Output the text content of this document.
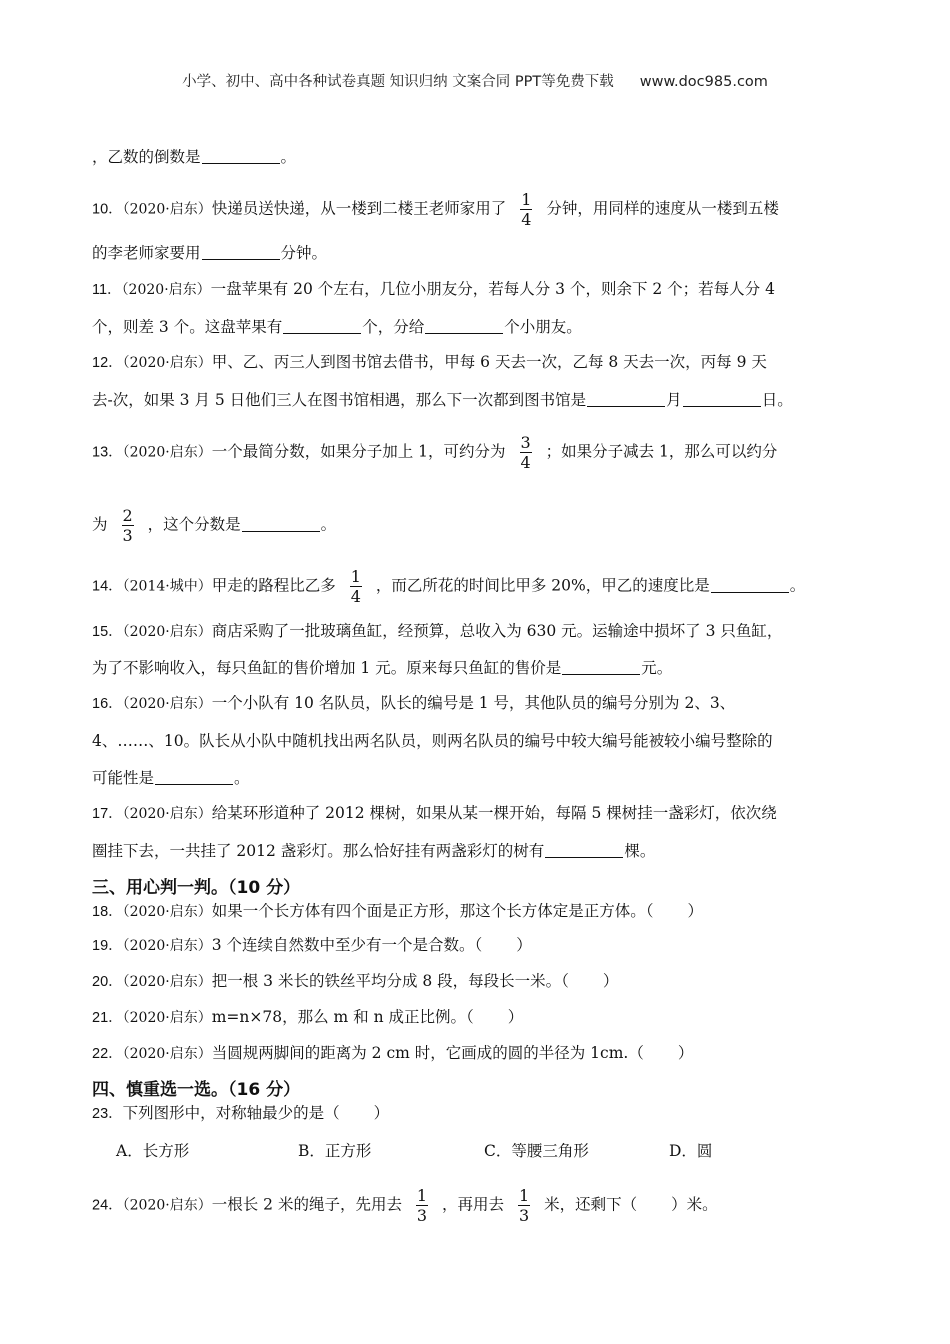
小学、初中、高中各种试卷真题 知识归纳 文案合同 PPT等免费下载 www.doc985.com
，乙数的倒数是	。
10．（2020·启东）快递员送快递，从一楼到二楼王老师家用了 $\frac{1}{4}$ 分钟，用同样的速度从一楼到五楼
的李老师家要用	分钟。
11．（2020·启东）一盘苹果有 20 个左右，几位小朋友分，若每人分 3 个，则余下 2 个；若每人分 4
个，则差 3 个。这盘苹果有	个，分给	个小朋友。
12．（2020·启东）甲、乙、丙三人到图书馆去借书，甲每 6 天去一次，乙每 8 天去一次，丙每 9 天
去-次，如果 3 月 5 日他们三人在图书馆相遇，那么下一次都到图书馆是	月	日。
13．（2020·启东）一个最简分数，如果分子加上 1，可约分为 $\frac{3}{4}$ ；如果分子减去 1，那么可以约分
为 $\frac{2}{3}$ ，这个分数是	。
14．（2014·城中）甲走的路程比乙多 $\frac{1}{4}$ ，而乙所花的时间比甲多 20%，甲乙的速度比是	。
15．（2020·启东）商店采购了一批玻璃鱼缸，经预算，总收入为 630 元。运输途中损坏了 3 只鱼缸，
为了不影响收入，每只鱼缸的售价增加 1 元。原来每只鱼缸的售价是	元。
16．（2020·启东）一个小队有 10 名队员，队长的编号是 1 号，其他队员的编号分别为 2、3、
4、……、10。队长从小队中随机找出两名队员，则两名队员的编号中较大编号能被较小编号整除的
可能性是	。
17．（2020·启东）给某环形道种了 2012 棵树，如果从某一棵开始，每隔 5 棵树挂一盏彩灯，依次绕
圈挂下去，一共挂了 2012 盏彩灯。那么恰好挂有两盏彩灯的树有	棵。
三、用心判一判。（10 分）
18．（2020·启东）如果一个长方体有四个面是正方形，那这个长方体定是正方体。（ ）
19．（2020·启东）3 个连续自然数中至少有一个是合数。（ ）
20．（2020·启东）把一根 3 米长的铁丝平均分成 8 段，每段长一米。（ ）
21．（2020·启东）m=n×78，那么 m 和 n 成正比例。（ ）
22．（2020·启东）当圆规两脚间的距离为 2 cm 时，它画成的圆的半径为 1cm.（ ）
四、慎重选一选。（16 分）
23．下列图形中，对称轴最少的是（ ）
A．长方形	B．正方形	C．等腰三角形	D．圆
24．（2020·启东）一根长 2 米的绳子，先用去 $\frac{1}{3}$ ，再用去 $\frac{1}{3}$ 米，还剩下（ ）米。
